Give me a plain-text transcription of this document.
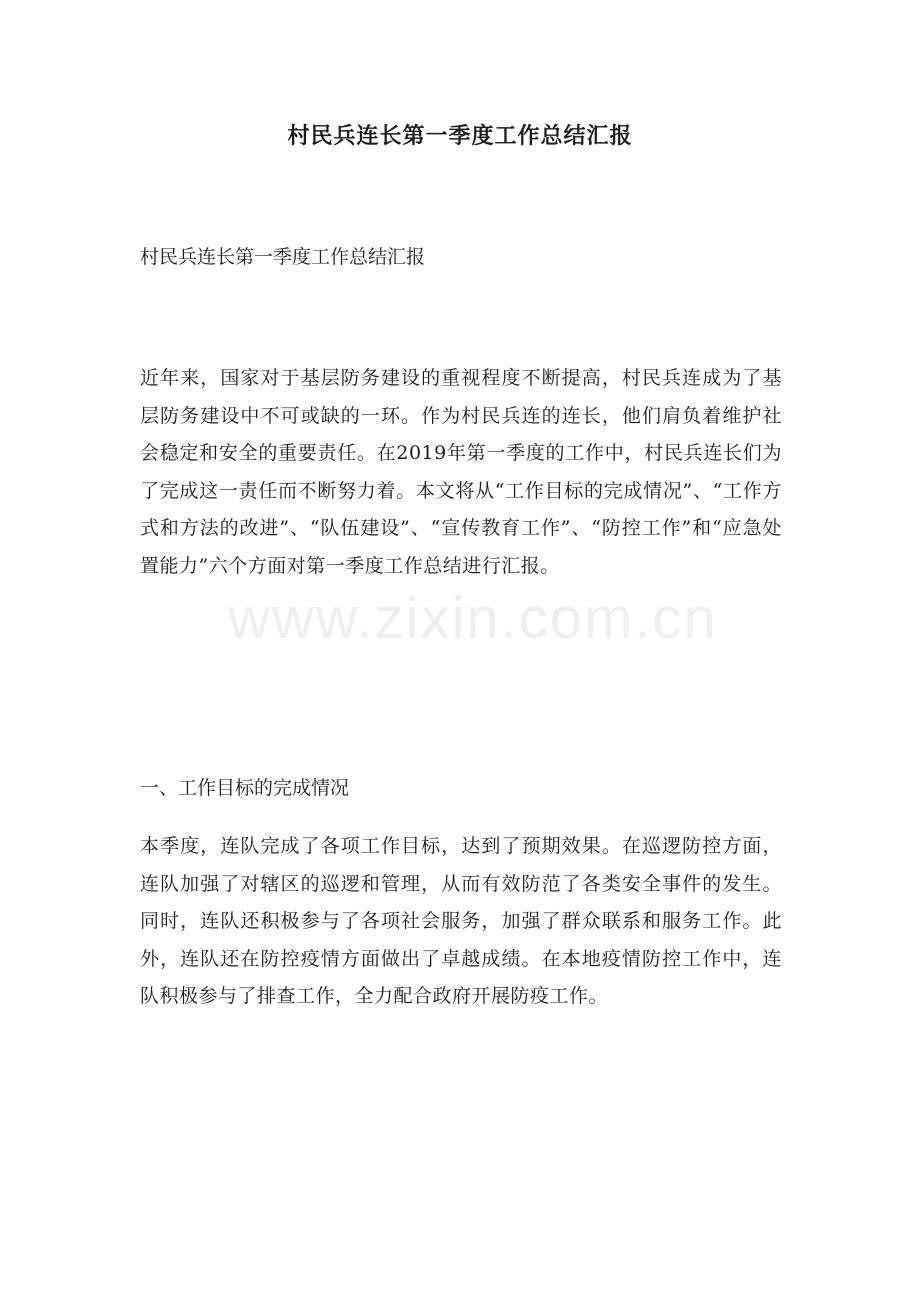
村民兵连长第一季度工作总结汇报
村民兵连长第一季度工作总结汇报
近年来，国家对于基层防务建设的重视程度不断提高，村民兵连成为了基层防务建设中不可或缺的一环。作为村民兵连的连长，他们肩负着维护社会稳定和安全的重要责任。在2019年第一季度的工作中，村民兵连长们为了完成这一责任而不断努力着。本文将从“工作目标的完成情况”、“工作方式和方法的改进”、“队伍建设”、“宣传教育工作”、“防控工作”和“应急处置能力”六个方面对第一季度工作总结进行汇报。
一、工作目标的完成情况
本季度，连队完成了各项工作目标，达到了预期效果。在巡逻防控方面，连队加强了对辖区的巡逻和管理，从而有效防范了各类安全事件的发生。同时，连队还积极参与了各项社会服务，加强了群众联系和服务工作。此外，连队还在防控疫情方面做出了卓越成绩。在本地疫情防控工作中，连队积极参与了排查工作，全力配合政府开展防疫工作。
www.zixin.com.cn
